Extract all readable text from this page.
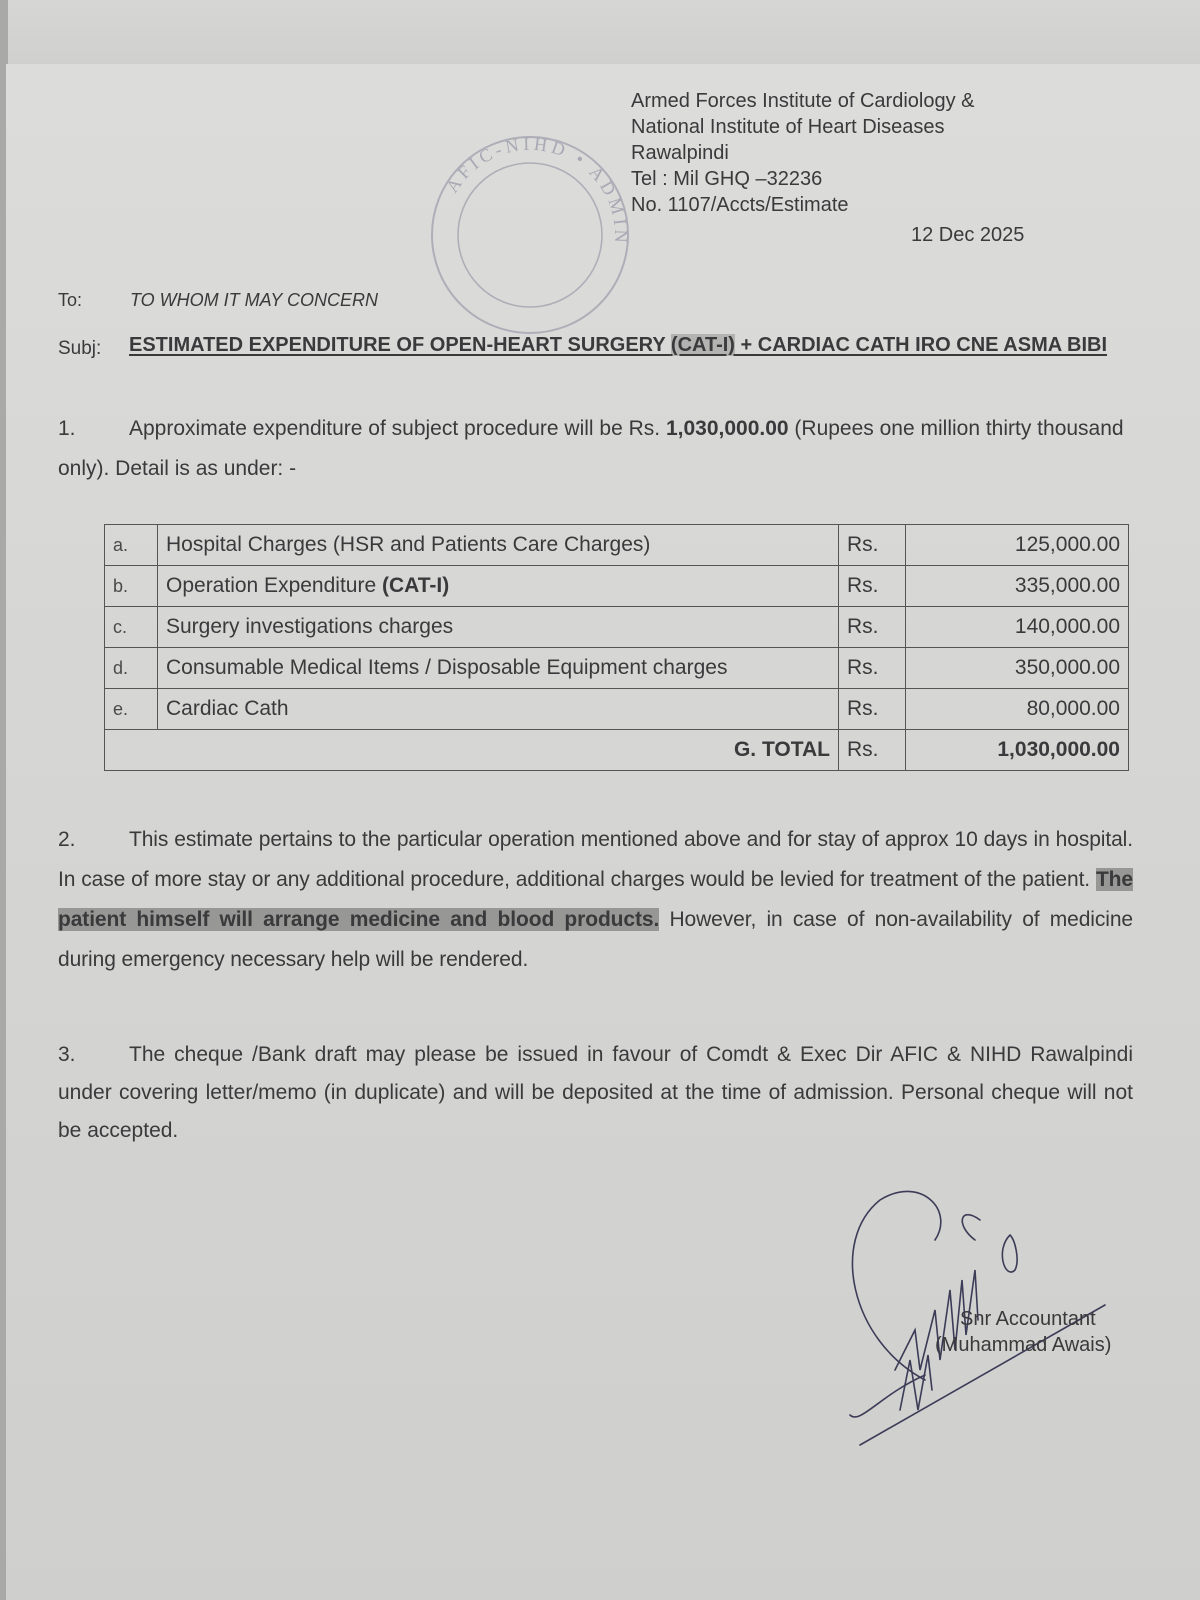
AFIC-NIHD • ADMIN
Armed Forces Institute of Cardiology &
National Institute of Heart Diseases
Rawalpindi
Tel : Mil GHQ –32236
No. 1107/Accts/Estimate
12 Dec 2025
To:	TO WHOM IT MAY CONCERN
Subj: ESTIMATED EXPENDITURE OF OPEN-HEART SURGERY (CAT-I) + CARDIAC CATH IRO CNE ASMA BIBI
1.	Approximate expenditure of subject procedure will be Rs. 1,030,000.00 (Rupees one million thirty thousand only). Detail is as under: -
a.	Hospital Charges (HSR and Patients Care Charges)	Rs.	125,000.00
b.	Operation Expenditure (CAT-I)	Rs.	335,000.00
c.	Surgery investigations charges	Rs.	140,000.00
d.	Consumable Medical Items / Disposable Equipment charges	Rs.	350,000.00
e.	Cardiac Cath	Rs.	80,000.00
G. TOTAL		Rs.	1,030,000.00
2.	This estimate pertains to the particular operation mentioned above and for stay of approx 10 days in hospital. In case of more stay or any additional procedure, additional charges would be levied for treatment of the patient. The patient himself will arrange medicine and blood products. However, in case of non-availability of medicine during emergency necessary help will be rendered.
3.	The cheque /Bank draft may please be issued in favour of Comdt & Exec Dir AFIC & NIHD Rawalpindi under covering letter/memo (in duplicate) and will be deposited at the time of admission. Personal cheque will not be accepted.
Snr Accountant
(Muhammad Awais)
